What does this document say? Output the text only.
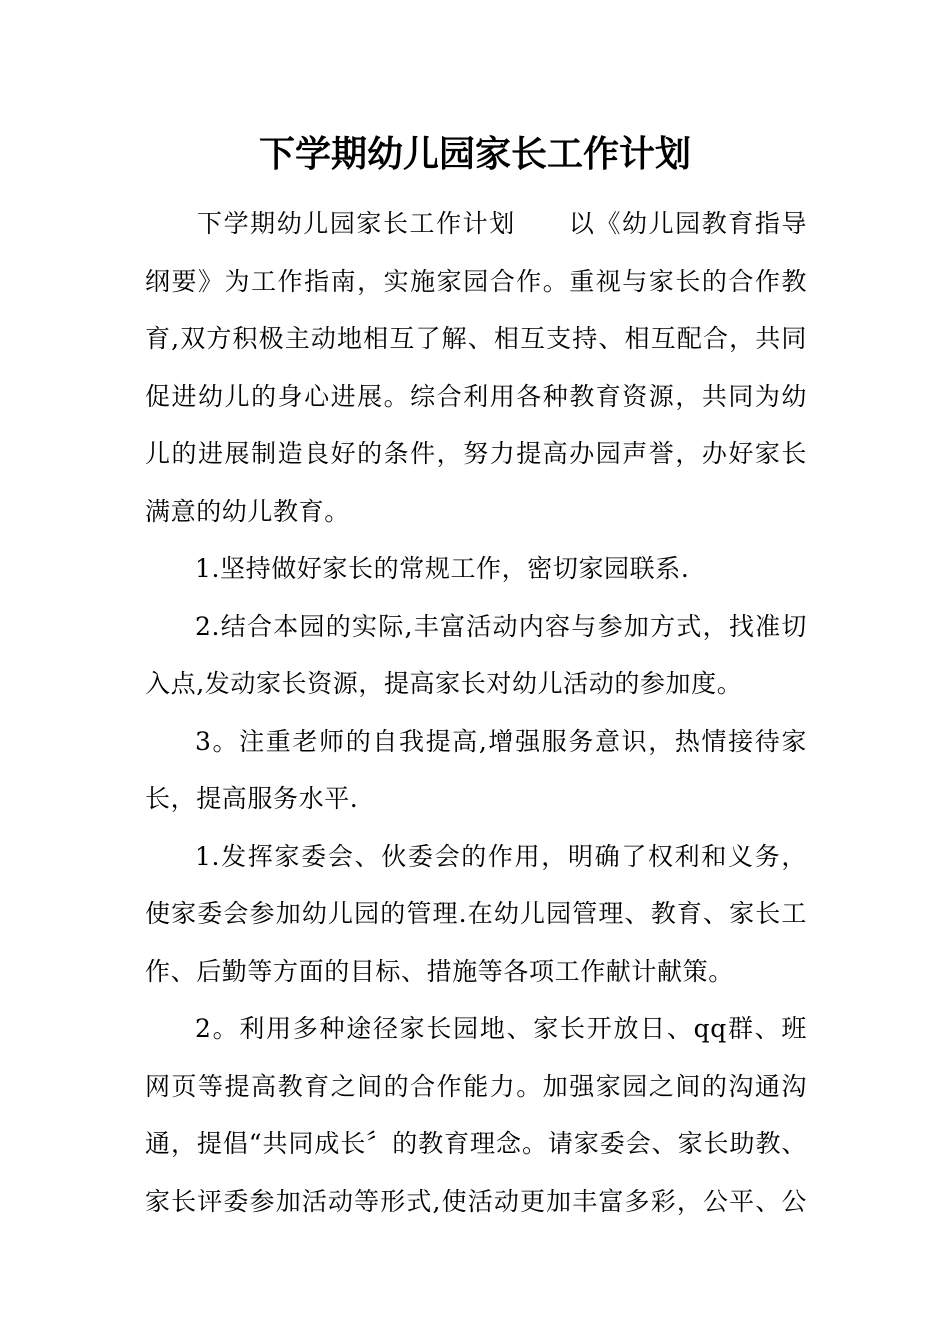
下学期幼儿园家长工作计划
下学期幼儿园家长工作计划　　以《幼儿园教育指导
纲要》为工作指南，实施家园合作。重视与家长的合作教
育,双方积极主动地相互了解、相互支持、相互配合，共同
促进幼儿的身心进展。综合利用各种教育资源，共同为幼
儿的进展制造良好的条件，努力提高办园声誉，办好家长
满意的幼儿教育。
1.坚持做好家长的常规工作，密切家园联系.
2.结合本园的实际,丰富活动内容与参加方式，找准切
入点,发动家长资源，提高家长对幼儿活动的参加度。
3。注重老师的自我提高,增强服务意识，热情接待家
长，提高服务水平.
1.发挥家委会、伙委会的作用，明确了权利和义务，
使家委会参加幼儿园的管理.在幼儿园管理、教育、家长工
作、后勤等方面的目标、措施等各项工作献计献策。
2。利用多种途径家长园地、家长开放日、qq群、班
网页等提高教育之间的合作能力。加强家园之间的沟通沟
通，提倡“共同成长〞的教育理念。请家委会、家长助教、
家长评委参加活动等形式,使活动更加丰富多彩，公平、公
